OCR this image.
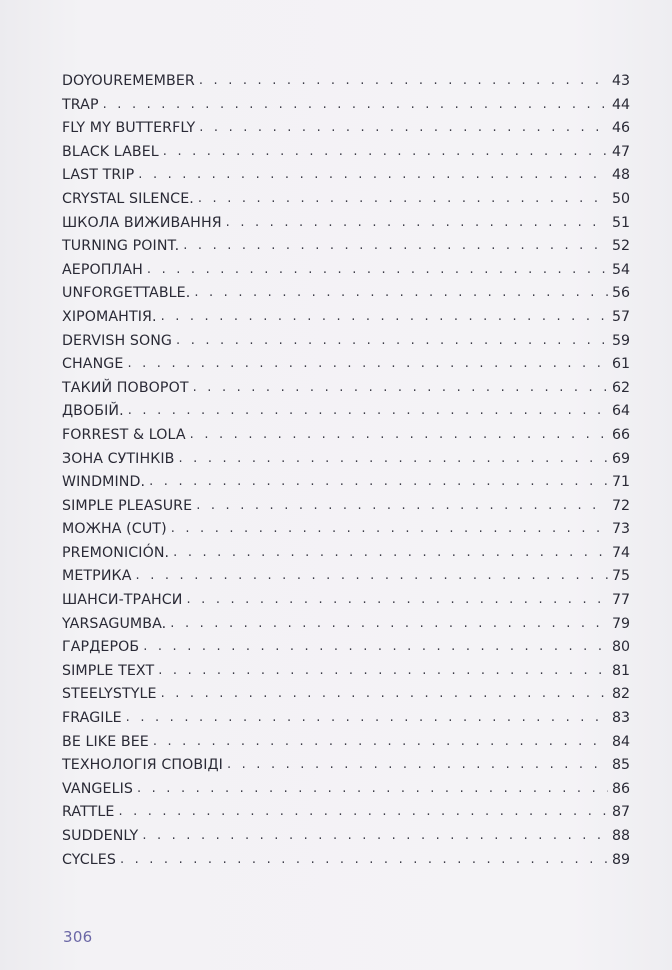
DOYOUREMEMBER . . .	43
TRAP . . .	44
FLY MY BUTTERFLY . . .	46
BLACK LABEL . . .	47
LAST TRIP . . .	48
CRYSTAL SILENCE. . . .	50
ШКОЛА ВИЖИВАННЯ . . .	51
TURNING POINT. . . .	52
АЕРОПЛАН . . .	54
UNFORGETTABLE. . . .	56
ХІРОМАНТІЯ. . . .	57
DERVISH SONG . . .	59
CHANGE . . .	61
ТАКИЙ ПОВОРОТ . . .	62
ДВОБІЙ. . . .	64
FORREST & LOLA . . .	66
ЗОНА СУТІНКІВ . . .	69
WINDMIND. . . .	71
SIMPLE PLEASURE . . .	72
МОЖНА (CUT) . . .	73
PREMONICIÓN. . . .	74
МЕТРИКА . . .	75
ШАНСИ-ТРАНСИ . . .	77
YARSAGUMBA. . . .	79
ГАРДЕРОБ . . .	80
SIMPLE TEXT . . .	81
STEELYSTYLE . . .	82
FRAGILE . . .	83
BE LIKE BEE . . .	84
ТЕХНОЛОГІЯ СПОВІДІ . . .	85
VANGELIS . . .	86
RATTLE . . .	87
SUDDENLY . . .	88
CYCLES . . .	89
306
